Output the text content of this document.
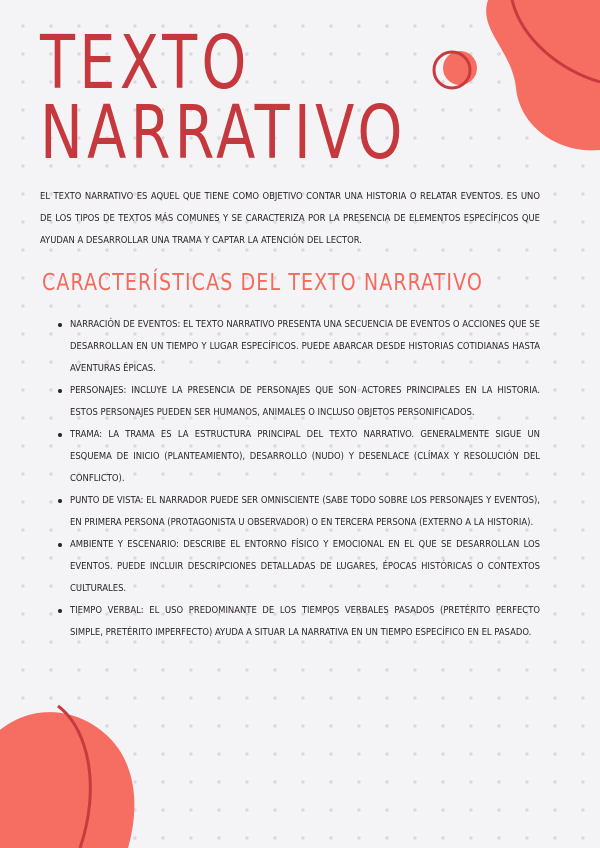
TEXTO
NARRATIVO

EL TEXTO NARRATIVO ES AQUEL QUE TIENE COMO OBJETIVO CONTAR UNA HISTORIA O RELATAR EVENTOS. ES UNO DE LOS TIPOS DE TEXTOS MÁS COMUNES Y SE CARACTERIZA POR LA PRESENCIA DE ELEMENTOS ESPECÍFICOS QUE AYUDAN A DESARROLLAR UNA TRAMA Y CAPTAR LA ATENCIÓN DEL LECTOR.

CARACTERÍSTICAS DEL TEXTO NARRATIVO
NARRACIÓN DE EVENTOS: EL TEXTO NARRATIVO PRESENTA UNA SECUENCIA DE EVENTOS O ACCIONES QUE SE DESARROLLAN EN UN TIEMPO Y LUGAR ESPECÍFICOS. PUEDE ABARCAR DESDE HISTORIAS COTIDIANAS HASTA AVENTURAS ÉPICAS.
PERSONAJES: INCLUYE LA PRESENCIA DE PERSONAJES QUE SON ACTORES PRINCIPALES EN LA HISTORIA. ESTOS PERSONAJES PUEDEN SER HUMANOS, ANIMALES O INCLUSO OBJETOS PERSONIFICADOS.
TRAMA: LA TRAMA ES LA ESTRUCTURA PRINCIPAL DEL TEXTO NARRATIVO. GENERALMENTE SIGUE UN ESQUEMA DE INICIO (PLANTEAMIENTO), DESARROLLO (NUDO) Y DESENLACE (CLÍMAX Y RESOLUCIÓN DEL CONFLICTO).
PUNTO DE VISTA: EL NARRADOR PUEDE SER OMNISCIENTE (SABE TODO SOBRE LOS PERSONAJES Y EVENTOS), EN PRIMERA PERSONA (PROTAGONISTA U OBSERVADOR) O EN TERCERA PERSONA (EXTERNO A LA HISTORIA).
AMBIENTE Y ESCENARIO: DESCRIBE EL ENTORNO FÍSICO Y EMOCIONAL EN EL QUE SE DESARROLLAN LOS EVENTOS. PUEDE INCLUIR DESCRIPCIONES DETALLADAS DE LUGARES, ÉPOCAS HISTÓRICAS O CONTEXTOS CULTURALES.
TIEMPO VERBAL: EL USO PREDOMINANTE DE LOS TIEMPOS VERBALES PASADOS (PRETÉRITO PERFECTO SIMPLE, PRETÉRITO IMPERFECTO) AYUDA A SITUAR LA NARRATIVA EN UN TIEMPO ESPECÍFICO EN EL PASADO.
